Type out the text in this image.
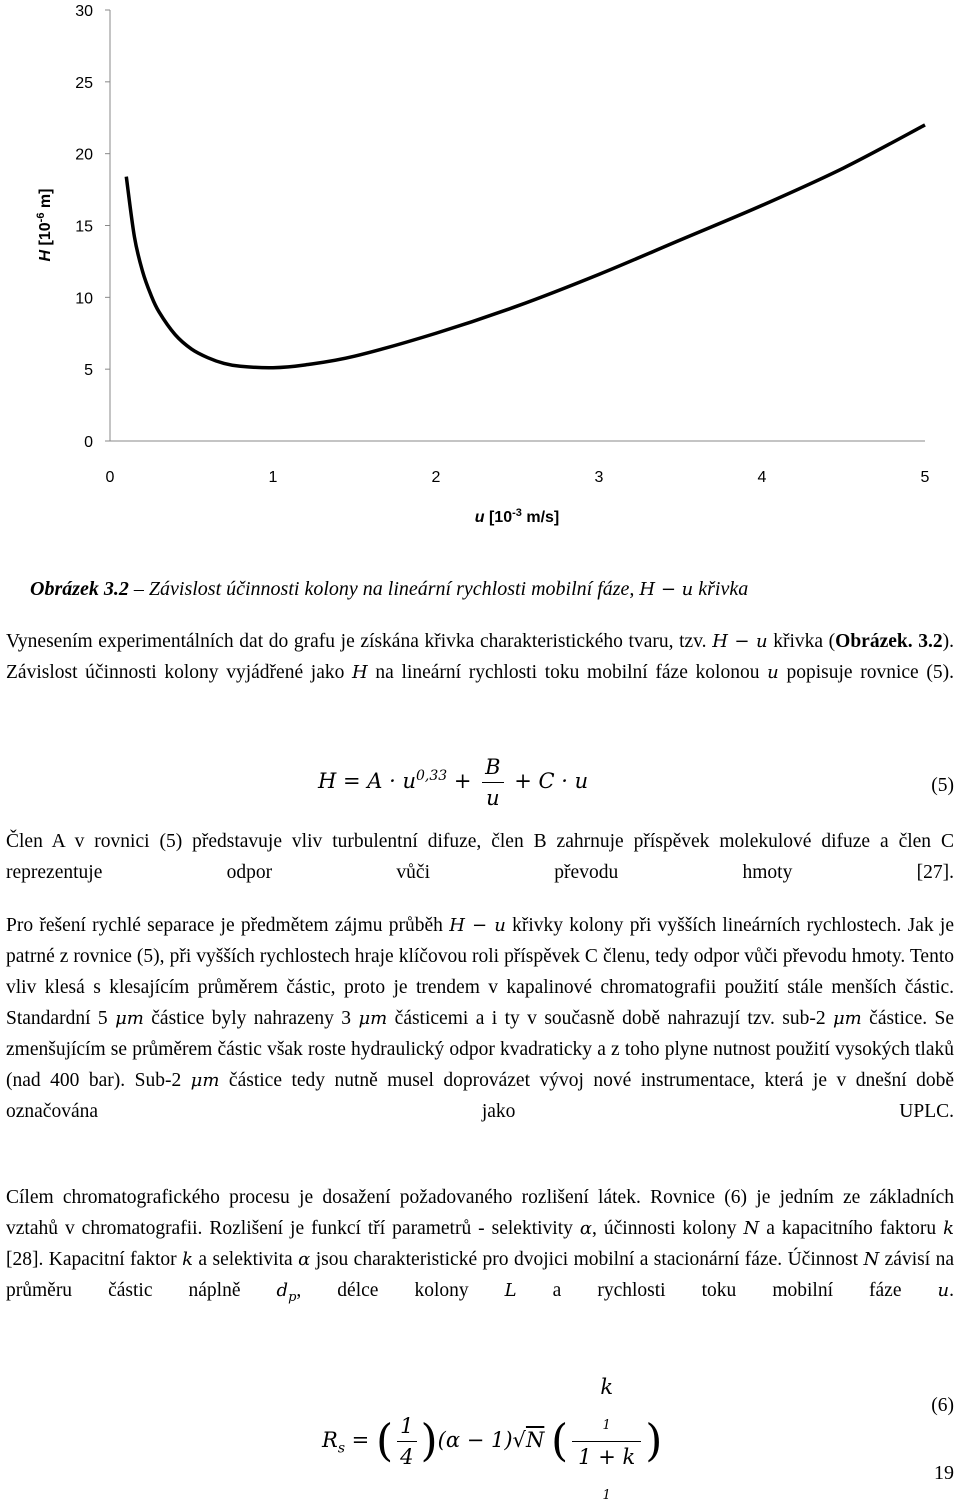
0
5
10
15
20
25
30
0	1	2	3	4	5
H [$10^{-6}$ m]
u [$10^{-3}$ m/s]
Obrázek 3.2 – Závislost účinnosti kolony na lineární rychlosti mobilní fáze, H − u křivka
Vynesením experimentálních dat do grafu je získána křivka charakteristického tvaru, tzv. H − u křivka (Obrázek. 3.2). Závislost účinnosti kolony vyjádřené jako H na lineární rychlosti toku mobilní fáze kolonou u popisuje rovnice (5).
$H = A \cdot u^{0,33} + \frac{B}{u} + C \cdot u$	(5)
Člen A v rovnici (5) představuje vliv turbulentní difuze, člen B zahrnuje příspěvek molekulové difuze a člen C reprezentuje odpor vůči převodu hmoty [27].
Pro řešení rychlé separace je předmětem zájmu průběh H − u křivky kolony při vyšších lineárních rychlostech. Jak je patrné z rovnice (5), při vyšších rychlostech hraje klíčovou roli příspěvek C členu, tedy odpor vůči převodu hmoty. Tento vliv klesá s klesajícím průměrem částic, proto je trendem v kapalinové chromatografii použití stále menších částic. Standardní 5 μm částice byly nahrazeny 3 μm částicemi a i ty v současně době nahrazují tzv. sub-2 μm částice. Se zmenšujícím se průměrem částic však roste hydraulický odpor kvadraticky a z toho plyne nutnost použití vysokých tlaků (nad 400 bar). Sub-2 μm částice tedy nutně musel doprovázet vývoj nové instrumentace, která je v dnešní době označována jako UPLC.
Cílem chromatografického procesu je dosažení požadovaného rozlišení látek. Rovnice (6) je jedním ze základních vztahů v chromatografii. Rozlišení je funkcí tří parametrů - selektivity α, účinnosti kolony N a kapacitního faktoru k [28]. Kapacitní faktor k a selektivita α jsou charakteristické pro dvojici mobilní a stacionární fáze. Účinnost N závisí na průměru částic náplně $d_p$, délce kolony L a rychlosti toku mobilní fáze u.
$R_s$ = ( $\frac{1}{4} )(\alpha - 1)√N$ ( k
$_1$
1 + k
$_1$ )
(6)
19
